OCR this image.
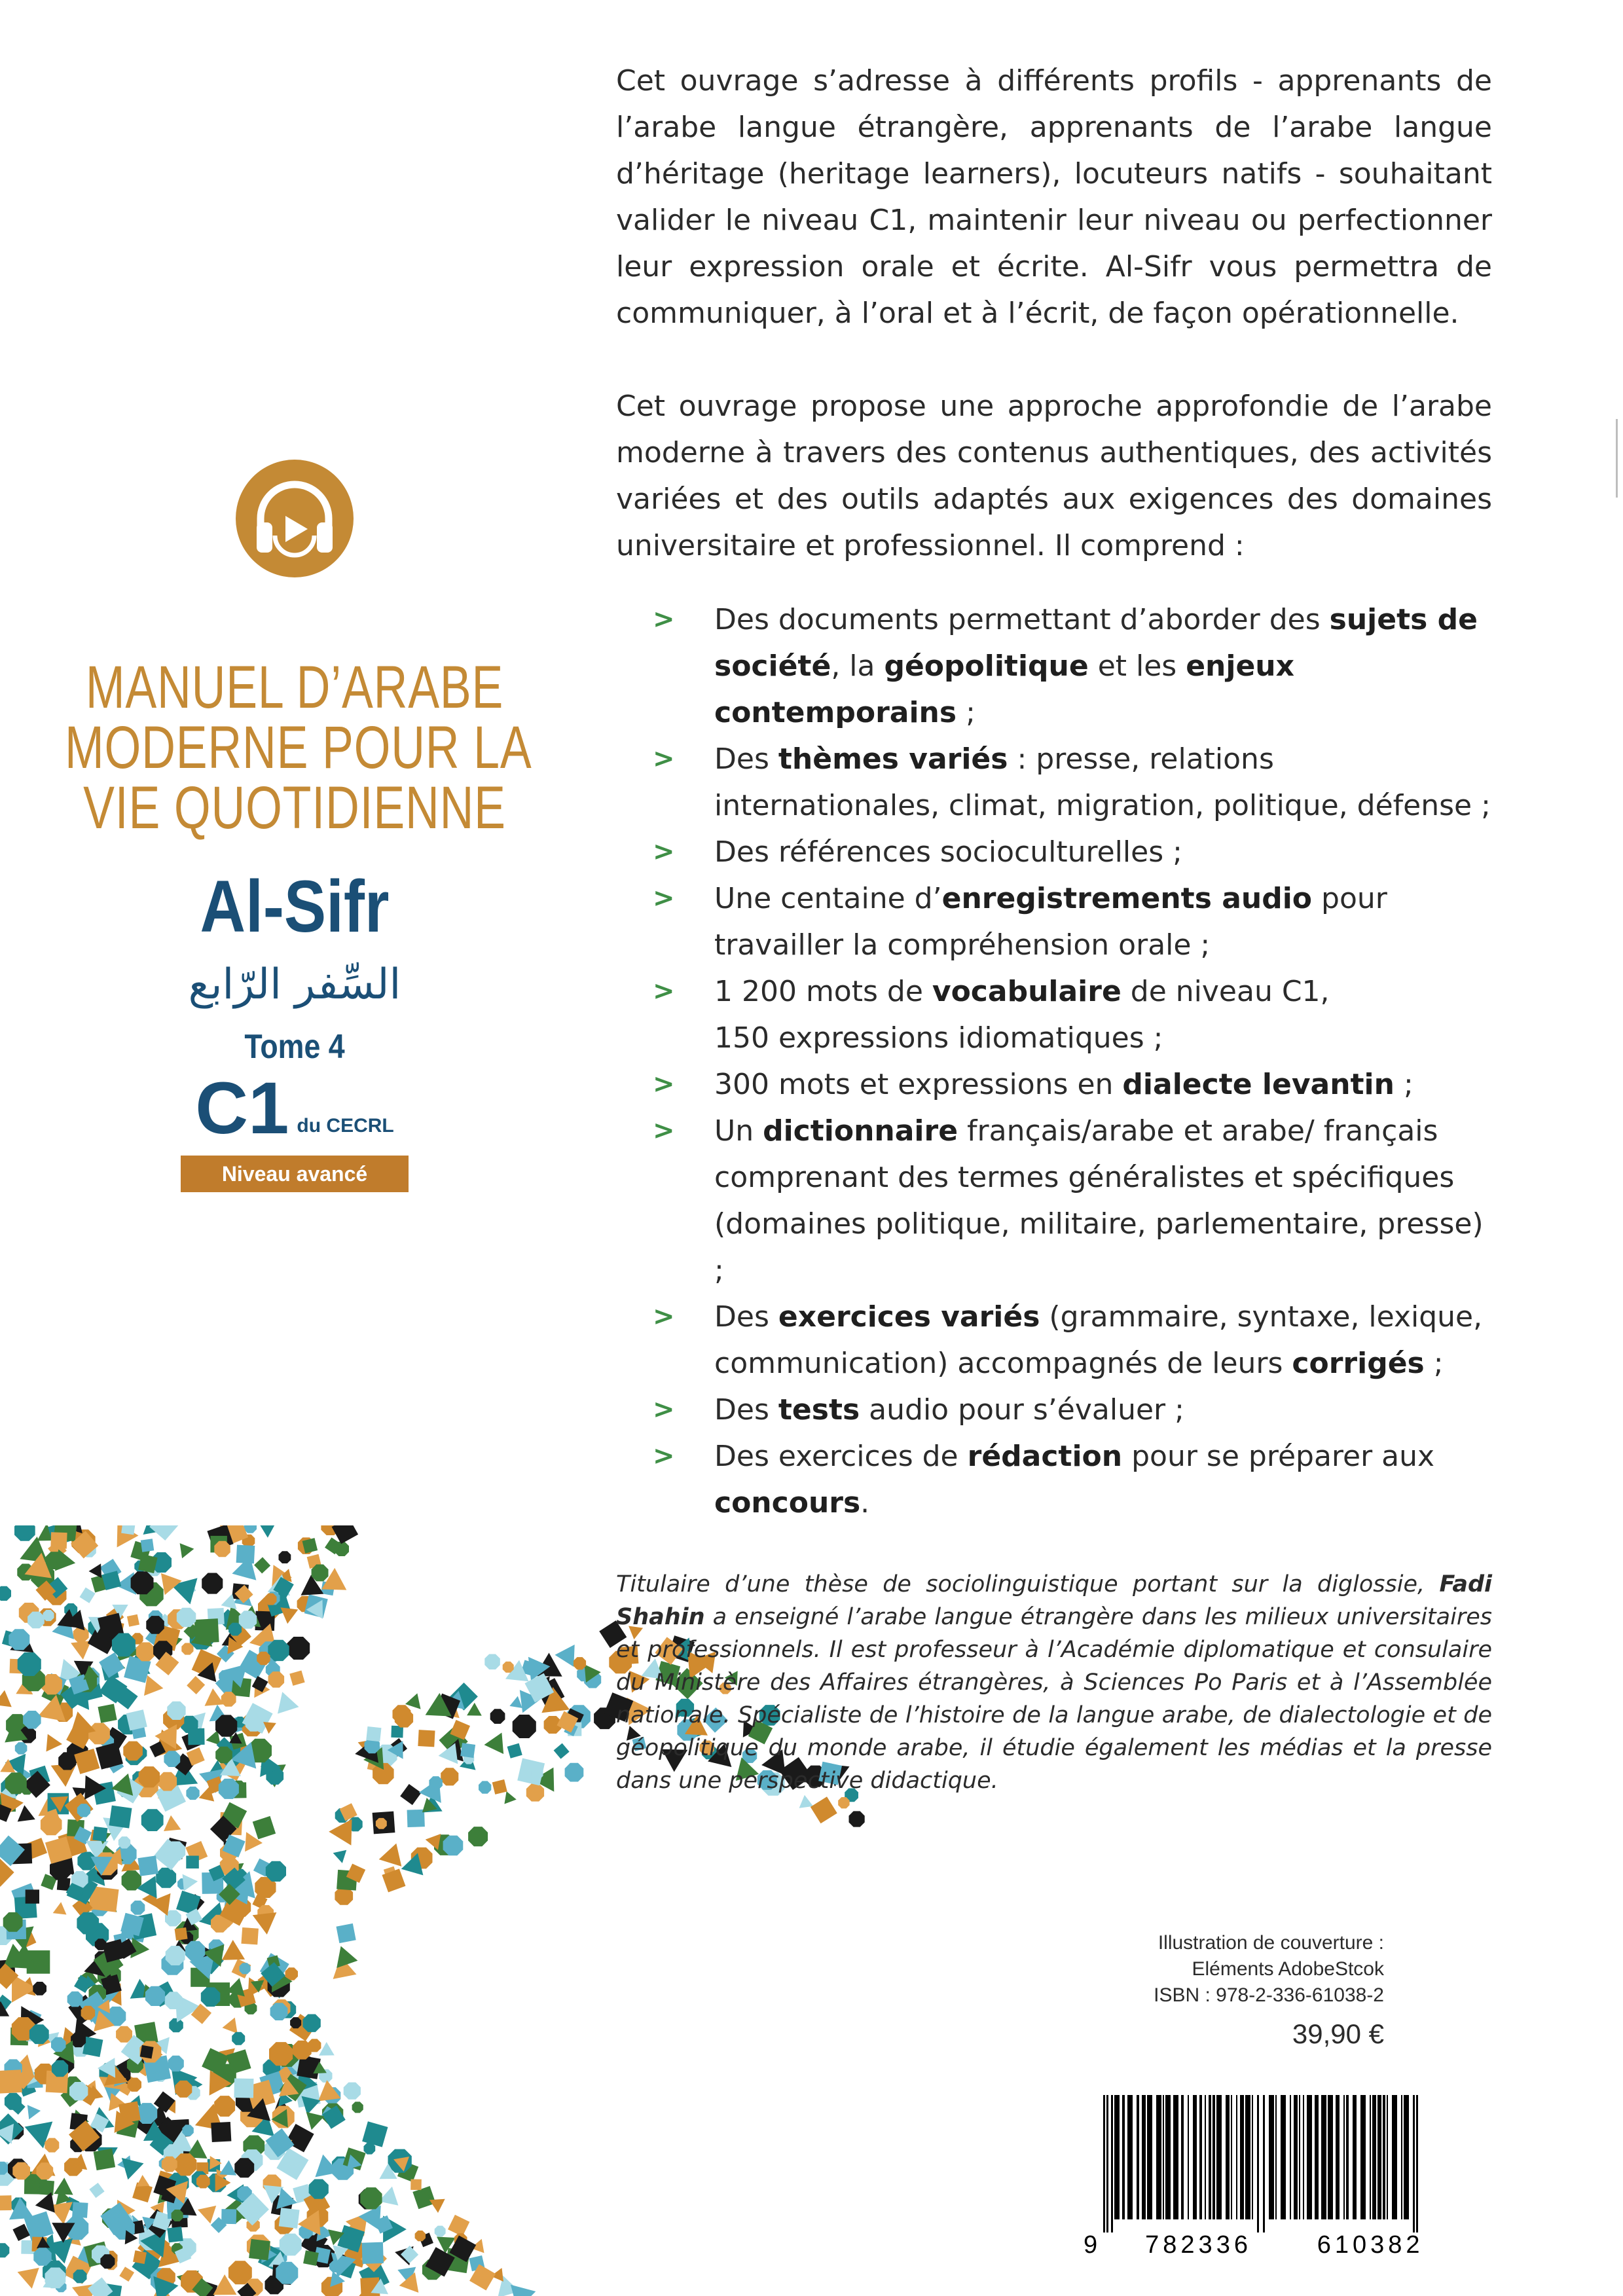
MANUEL D’ARABE
MODERNE POUR LA
VIE QUOTIDIENNE
Al-Sifr
السِّفر الرّابع
Tome 4
C1 du CECRL
Niveau avancé

Cet ouvrage s’adresse à différents profils - apprenants de l’arabe langue étrangère, apprenants de l’arabe langue d’héritage (heritage learners), locuteurs natifs - souhaitant valider le niveau C1, maintenir leur niveau ou perfectionner leur expression orale et écrite. Al-Sifr vous permettra de communiquer, à l’oral et à l’écrit, de façon opérationnelle.

Cet ouvrage propose une approche approfondie de l’arabe moderne à travers des contenus authentiques, des activités variées et des outils adaptés aux exigences des domaines universitaire et professionnel. Il comprend :

> Des documents permettant d’aborder des sujets de société, la géopolitique et les enjeux contemporains ;
> Des thèmes variés : presse, relations internationales, climat, migration, politique, défense ;
> Des références socioculturelles ;
> Une centaine d’enregistrements audio pour travailler la compréhension orale ;
> 1 200 mots de vocabulaire de niveau C1,
150 expressions idiomatiques ;
> 300 mots et expressions en dialecte levantin ;
> Un dictionnaire français/arabe et arabe/ français comprenant des termes généralistes et spécifiques (domaines politique, militaire, parlementaire, presse) ;
> Des exercices variés (grammaire, syntaxe, lexique, communication) accompagnés de leurs corrigés ;
> Des tests audio pour s’évaluer ;
> Des exercices de rédaction pour se préparer aux concours.

Titulaire d’une thèse de sociolinguistique portant sur la diglossie, Fadi Shahin a enseigné l’arabe langue étrangère dans les milieux universitaires et professionnels. Il est professeur à l’Académie diplomatique et consulaire du Ministère des Affaires étrangères, à Sciences Po Paris et à l’Assemblée nationale. Spécialiste de l’histoire de la langue arabe, de dialectologie et de géopolitique du monde arabe, il étudie également les médias et la presse dans une perspective didactique.

Illustration de couverture :
Eléments AdobeStcok
ISBN : 978-2-336-61038-2
39,90 €
9 782336	610382
